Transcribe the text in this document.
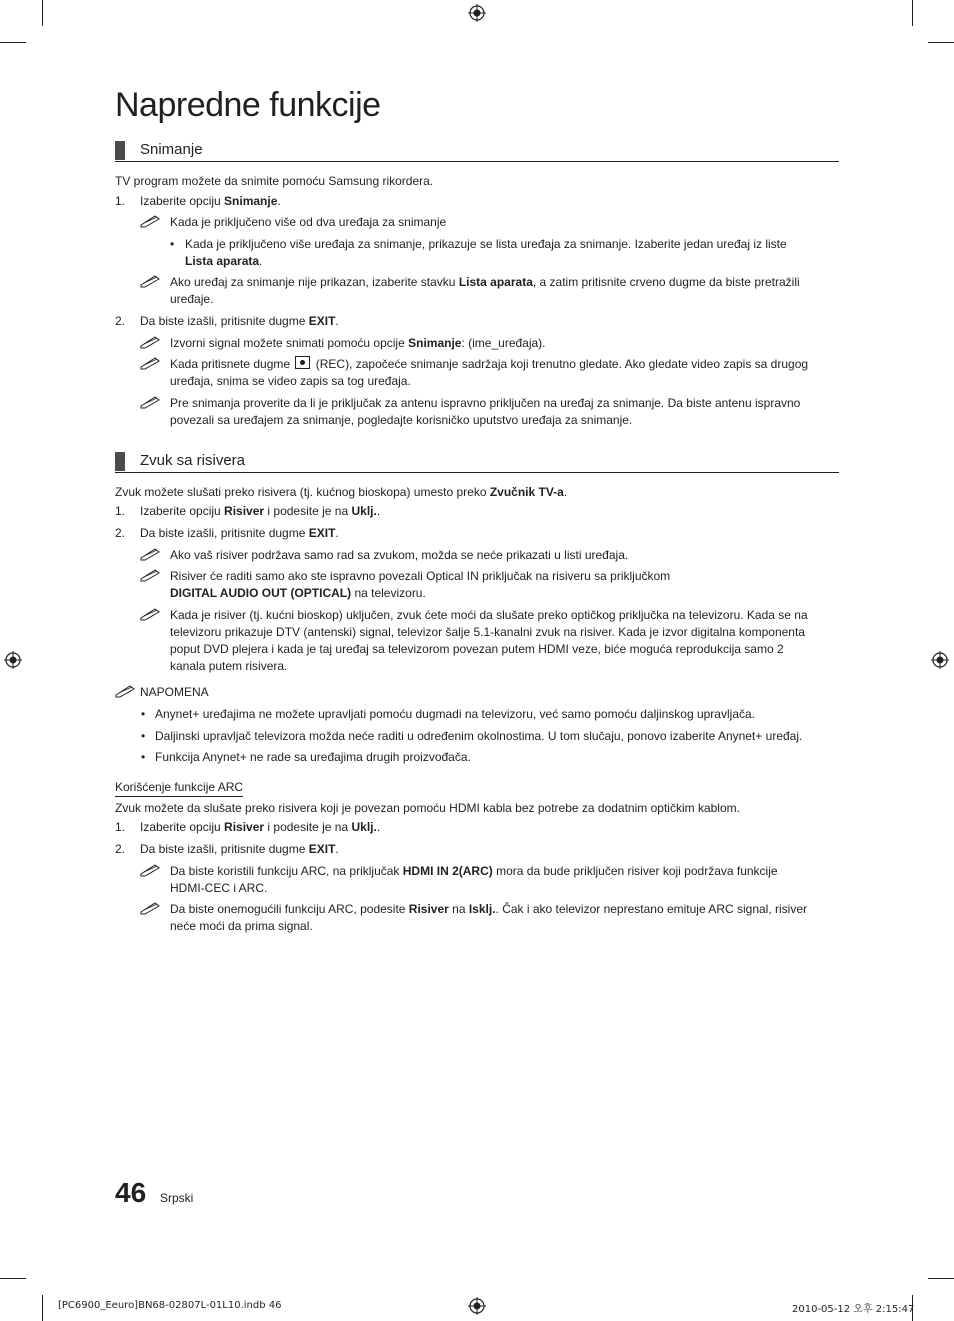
Napredne funkcije
Snimanje
TV program možete da snimite pomoću Samsung rikordera.
1. Izaberite opciju Snimanje.
Kada je priključeno više od dva uređaja za snimanje
• Kada je priključeno više uređaja za snimanje, prikazuje se lista uređaja za snimanje. Izaberite jedan uređaj iz liste
Lista aparata.
Ako uređaj za snimanje nije prikazan, izaberite stavku Lista aparata, a zatim pritisnite crveno dugme da biste pretražili
uređaje.
2. Da biste izašli, pritisnite dugme EXIT.
Izvorni signal možete snimati pomoću opcije Snimanje: (ime_uređaja).
Kada pritisnete dugme  (REC), započeće snimanje sadržaja koji trenutno gledate. Ako gledate video zapis sa drugog
uređaja, snima se video zapis sa tog uređaja.
Pre snimanja proverite da li je priključak za antenu ispravno priključen na uređaj za snimanje. Da biste antenu ispravno
povezali sa uređajem za snimanje, pogledajte korisničko uputstvo uređaja za snimanje.
Zvuk sa risivera
Zvuk možete slušati preko risivera (tj. kućnog bioskopa) umesto preko Zvučnik TV-a.
1. Izaberite opciju Risiver i podesite je na Uklj..
2. Da biste izašli, pritisnite dugme EXIT.
Ako vaš risiver podržava samo rad sa zvukom, možda se neće prikazati u listi uređaja.
Risiver će raditi samo ako ste ispravno povezali Optical IN priključak na risiveru sa priključkom
DIGITAL AUDIO OUT (OPTICAL) na televizoru.
Kada je risiver (tj. kućni bioskop) uključen, zvuk ćete moći da slušate preko optičkog priključka na televizoru. Kada se na
televizoru prikazuje DTV (antenski) signal, televizor šalje 5.1-kanalni zvuk na risiver. Kada je izvor digitalna komponenta
poput DVD plejera i kada je taj uređaj sa televizorom povezan putem HDMI veze, biće moguća reprodukcija samo 2
kanala putem risivera.
NAPOMENA
• Anynet+ uređajima ne možete upravljati pomoću dugmadi na televizoru, već samo pomoću daljinskog upravljača.
• Daljinski upravljač televizora možda neće raditi u određenim okolnostima. U tom slučaju, ponovo izaberite Anynet+ uređaj.
• Funkcija Anynet+ ne rade sa uređajima drugih proizvođača.
Korišćenje funkcije ARC
Zvuk možete da slušate preko risivera koji je povezan pomoću HDMI kabla bez potrebe za dodatnim optičkim kablom.
1. Izaberite opciju Risiver i podesite je na Uklj..
2. Da biste izašli, pritisnite dugme EXIT.
Da biste koristili funkciju ARC, na priključak HDMI IN 2(ARC) mora da bude priključen risiver koji podržava funkcije
HDMI-CEC i ARC.
Da biste onemogućili funkciju ARC, podesite Risiver na Isklj.. Čak i ako televizor neprestano emituje ARC signal, risiver
neće moći da prima signal.
46 Srpski
[PC6900_Eeuro]BN68-02807L-01L10.indb 46	2010-05-12 오후 2:15:47
